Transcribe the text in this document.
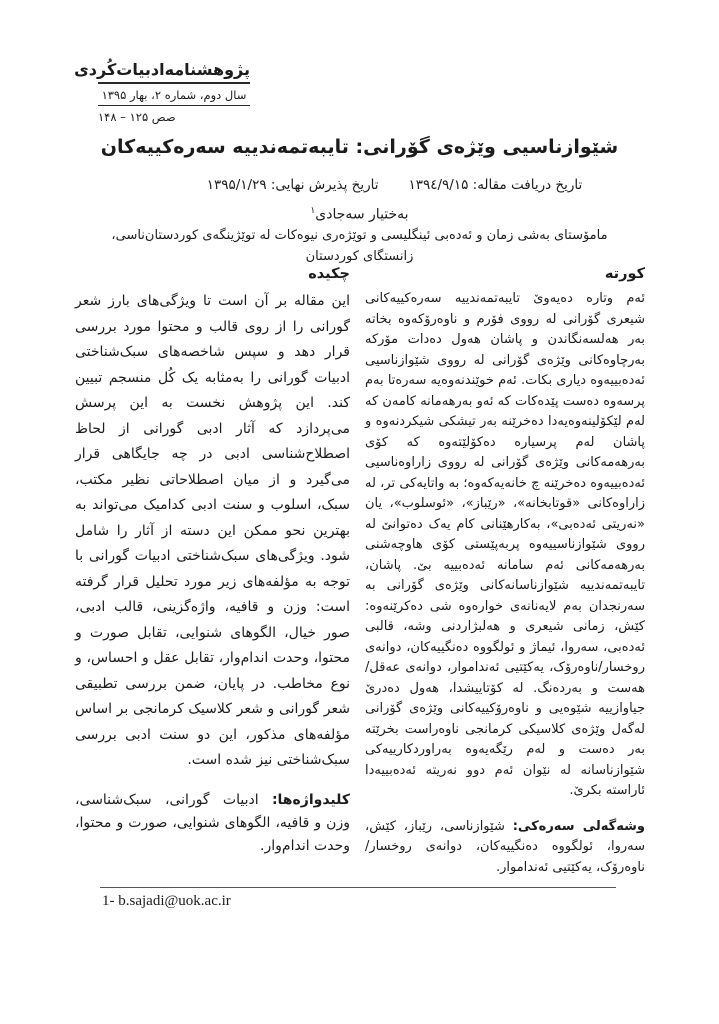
پژوهشنامه‌ادبیات‌کُردی
سال دوم، شماره ۲، بهار ۱۳۹۵
صص ۱۲۵ – ۱۴۸
شێوازناسیی وێژەی گۆرانی: تایبەتمەندییە سەرەکییەکان
تاریخ دریافت مقاله: ۱۳۹٤/۹/۱۵
تاریخ پذیرش نهایی: ۱۳۹۵/۱/۲۹
بەختیار سەجادی$^۱$
مامۆستای بەشی زمان و ئەدەبی ئینگلیسی و توێژەری نیوەکات لە توێژینگەی کوردستان‌ناسی،
زانستگای کوردستان
کورته

ئەم وتارە دەیەوێ تایبەتمەندییە سەرەکییەکانی شیعری گۆرانی لە رووی فۆرم و ناوەرۆکەوە بخاتە بەر هەلسەنگاندن و پاشان هەول دەدات مۆرکە بەرچاوەکانی وێژەی گۆرانی لە رووی شێوازناسیی ئەدەبییەوە دیاری بکات. ئەم خوێندنەوەیە سەرەتا بەم پرسەوە دەست پێدەکات کە ئەو بەرهەمانە کامەن کە لەم لێکۆلینەوەیەدا دەخرێنە بەر تیشکی شیکردنەوە و پاشان لەم پرسیارە دەکۆلێتەوە کە کۆی بەرهەمەکانی وێژەی گۆرانی لە رووی زاراوەناسیی ئەدەبییەوە دەخرێنە چ خانەیەکەوە؛ بە واتایەکی تر، لە زاراوەکانی «قوتابخانە»، «رێباز»، «ئوسلوب»، یان «نەریتی ئەدەبی»، بەکارهێنانی کام یەک دەتوانێ لە رووی شێوازناسییەوە پربەپێستی کۆی هاوچەشنی بەرهەمەکانی ئەم سامانە ئەدەبییە بێ. پاشان، تایبەتمەندییە شێوازناسانەکانی وێژەی گۆرانی بە سەرنجدان بەم لایەنانەی خوارەوە شی دەکرێنەوە: کێش، زمانی شیعری و هەلبژاردنی وشە، قالبی ئەدەبی، سەروا، ئیماژ و ئولگووە دەنگییەکان، دوانەی روخسار/ناوەرۆک، یەکێتیی ئەنداموار، دوانەی عەقل/هەست و بەردەنگ. لە کۆتاییشدا، هەول دەدرێ جیاوازییە شێوەیی و ناوەرۆکییەکانی وێژەی گۆرانی لەگەل وێژەی کلاسیکی کرمانجی ناوەراست بخرێتە بەر دەست و لەم رێگەیەوە بەراوردکارییەکی شێوازناسانە لە نێوان ئەم دوو نەریتە ئەدەبییەدا ئاراستە بکرێ.

وشەگەلی سەرەکی: شێوازناسی، رێباز، کێش، سەروا، ئولگووە دەنگییەکان، دوانەی روخسار/ ناوەرۆک، یەکێتیی ئەنداموار.

چکیده

این مقاله بر آن است تا ویژگی‌های بارز شعر گورانی را از روی قالب و محتوا مورد بررسی قرار دهد و سپس شاخصه‌های سبک‌شناختی ادبیات گورانی را به‌مثابه یک کُل منسجم تبیین کند. این پژوهش نخست به این پرسش می‌پردازد که آثار ادبی گورانی از لحاظ اصطلاح‌شناسی ادبی در چه جایگاهی قرار می‌گیرد و از میان اصطلاحاتی نظیر مکتب، سبک، اسلوب و سنت ادبی کدامیک می‌تواند به بهترین نحو ممکن این دسته از آثار را شامل شود. ویژگی‌های سبک‌شناختی ادبیات گورانی با توجه به مؤلفه‌های زیر مورد تحلیل قرار گرفته است: وزن و قافیه، واژه‌گزینی، قالب ادبی، صور خیال، الگوهای شنوایی، تقابل صورت و محتوا، وحدت اندام‌وار، تقابل عقل و احساس، و نوع مخاطب. در پایان، ضمن بررسی تطبیقی شعر گورانی و شعر کلاسیک کرمانجی بر اساس مؤلفه‌های مذکور، این دو سنت ادبی بررسی سبک‌شناختی نیز شده است.

کلیدواژه‌ها: ادبیات گورانی، سبک‌شناسی، وزن و قافیه، الگوهای شنوایی، صورت و محتوا، وحدت اندام‌وار.

1- b.sajadi@uok.ac.ir
